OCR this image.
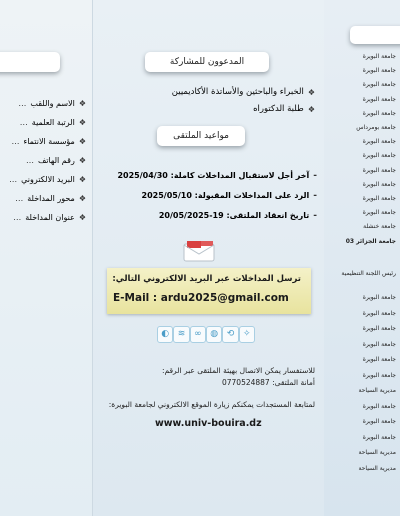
❖
الاسم واللقب
…
❖
الرتبة العلمية
…
❖
مؤسسة الانتماء
…
❖
رقم الهاتف
…
❖
البريد الالكتروني
…
❖
محور المداخلة
…
❖
عنوان المداخلة
…
المدعوون للمشاركة
❖
الخبراء والباحثين والأساتذة الأكاديميين
❖
طلبة الدكتوراه
مواعيد الملتقى
-
آخر أجل لاستقبال المداخلات كاملة: 2025/04/30
-
الرد على المداخلات المقبولة: 2025/05/10
-
تاريخ انعقاد الملتقى: 19-20/05/2025
ترسل المداخلات عبر البريد الالكتروني التالي:
E-Mail : ardu2025@gmail.com
◐ ≋ ∞ ◍ ⟲ ✧
للاستفسار يمكن الاتصال بهيئة الملتقى عبر الرقم:
أمانة الملتقى: 0770524887
لمتابعة المستجدات يمكنكم زيارة الموقع الالكتروني لجامعة البويرة:
www.univ-bouira.dz
جامعة البويرة
جامعة البويرة
جامعة البويرة
جامعة البويرة
جامعة البويرة
جامعة بومرداس
جامعة البويرة
جامعة البويرة
جامعة البويرة
جامعة البويرة
جامعة البويرة
جامعة البويرة
جامعة خنشلة
جامعة الجزائر 03
رئيس اللجنة التنظيمية
جامعة البويرة
جامعة البويرة
جامعة البويرة
جامعة البويرة
جامعة البويرة
جامعة البويرة
مديرية السياحة
جامعة البويرة
جامعة البويرة
جامعة البويرة
مديرية السياحة
مديرية السياحة
